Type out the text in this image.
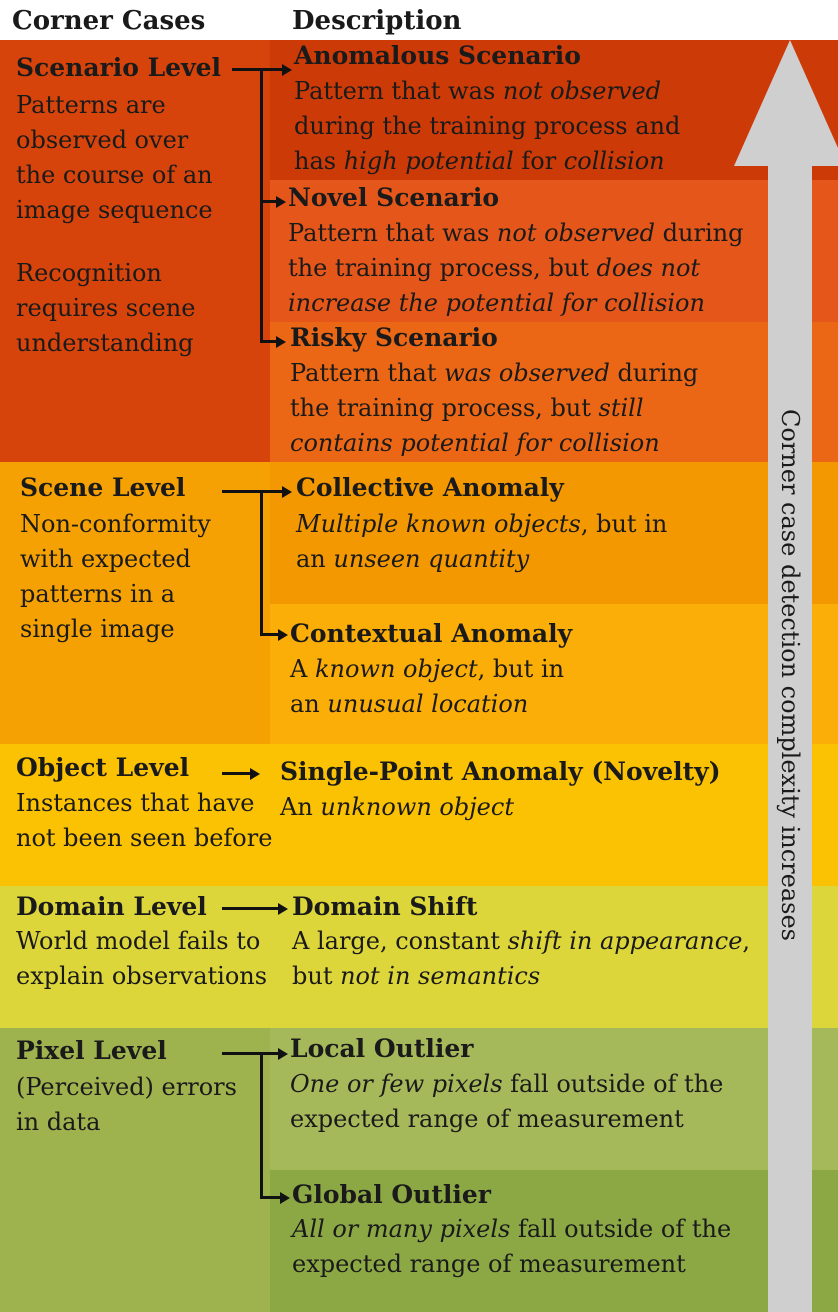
Corner Cases	Description
Corner case detection complexity increases
Scenario Level
Patterns are observed over the course of an image sequence
Recognition requires scene understanding
Anomalous Scenario
Pattern that was not observed during the training process and has high potential for collision
Novel Scenario
Pattern that was not observed during the training process, but does not increase the potential for collision
Risky Scenario
Pattern that was observed during the training process, but still contains potential for collision
Scene Level
Non-conformity with expected patterns in a single image
Collective Anomaly
Multiple known objects, but in an unseen quantity
Contextual Anomaly
A known object, but in an unusual location
Object Level
Instances that have not been seen before
Single-Point Anomaly (Novelty)
An unknown object
Domain Level
World model fails to explain observations
Domain Shift
A large, constant shift in appearance, but not in semantics
Pixel Level
(Perceived) errors in data
Local Outlier
One or few pixels fall outside of the expected range of measurement
Global Outlier
All or many pixels fall outside of the expected range of measurement
